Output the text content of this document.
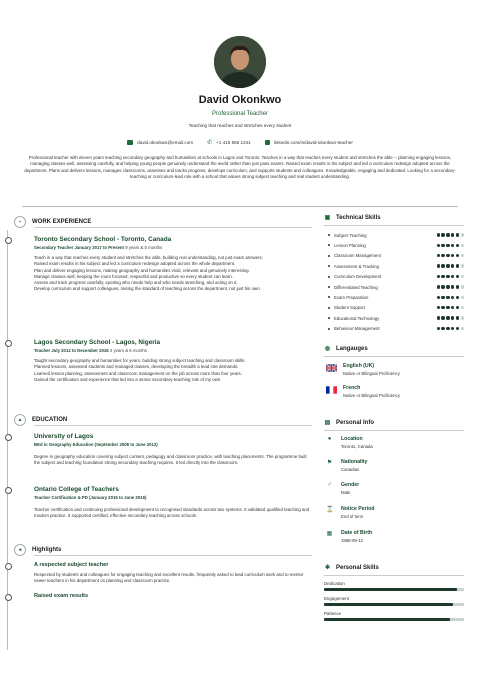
David Okonkwo
Professional Teacher
Teaching that reaches and stretches every student
david.okonkwo@email.com ✆ +1 416 555 1341	linkedin.com/in/david-okonkwo-teacher
Professional teacher with eleven years teaching secondary geography and humanities at schools in Lagos and Toronto. Teaches in a way that reaches every student and stretches the able -- planning engaging lessons, managing classes well, assessing carefully, and helping young people genuinely understand the world rather than just pass exams. Raised exam results in his subject and led a curriculum redesign adopted across the department. Plans and delivers lessons, manages classrooms, assesses and tracks progress, develops curriculum, and supports students and colleagues. Knowledgeable, engaging and dedicated. Looking for a secondary-teaching or curriculum-lead role with a school that values strong subject teaching and real student understanding.
▪	WORK EXPERIENCE
Toronto Secondary School - Toronto, Canada
Secondary Teacher January 2017 to Present 9 years & 5 months
Teach in a way that reaches every student and stretches the able, building real understanding, not just exam answers.
Raised exam results in his subject and led a curriculum redesign adopted across the whole department.
Plan and deliver engaging lessons, making geography and humanities vivid, relevant and genuinely interesting.
Manage classes well, keeping the room focused, respectful and productive so every student can learn.
Assess and track progress carefully, spotting who needs help and who needs stretching, and acting on it.
Develop curriculum and support colleagues, raising the standard of teaching across the department, not just his own.
Lagos Secondary School - Lagos, Nigeria
Teacher July 2012 to December 2016 4 years & 6 months
Taught secondary geography and humanities for years, building strong subject teaching and classroom skills.
Planned lessons, assessed students and managed classes, developing the breadth a lead role demands.
Learned lesson planning, assessment and classroom management on the job across more than four years.
Gained the certification and experience that led into a senior secondary-teaching role of my own.
▲	EDUCATION
University of Lagos
BEd in Geography Education (September 2008 to June 2012)
Degree in geography education covering subject content, pedagogy and classroom practice, with teaching placements. The programme built the subject and teaching foundation strong secondary teaching requires. It led directly into the classroom.
Ontario College of Teachers
Teacher Certification & PD (January 2015 to June 2016)
Teacher certification and continuing professional development to recognised standards across two systems. It validated qualified teaching and modern practice. It supported certified, effective secondary teaching across schools.
◂	Highlights
A respected subject teacher
Respected by students and colleagues for engaging teaching and excellent results, frequently asked to lead curriculum work and to mentor newer teachers in his department on planning and classroom practice.
Raised exam results
▣ Technical Skills
Subject Teaching
Lesson Planning
Classroom Management
Assessment & Tracking
Curriculum Development
Differentiated Teaching
Exam Preparation
Student Support
Educational Technology
Behaviour Management
◍ Langauges
English (UK)
Native or Bilingual Proficiency
French
Native or Bilingual Proficiency
▤ Personal Info
●	Location
Toronto, Canada
⚑ Nationality
Canadian
♂ Gender
Male
⌛ Notice Period
End of term
▦ Date of Birth
1988-09-12
✱ Personal Skills
Dedication
Engagement
Patience
